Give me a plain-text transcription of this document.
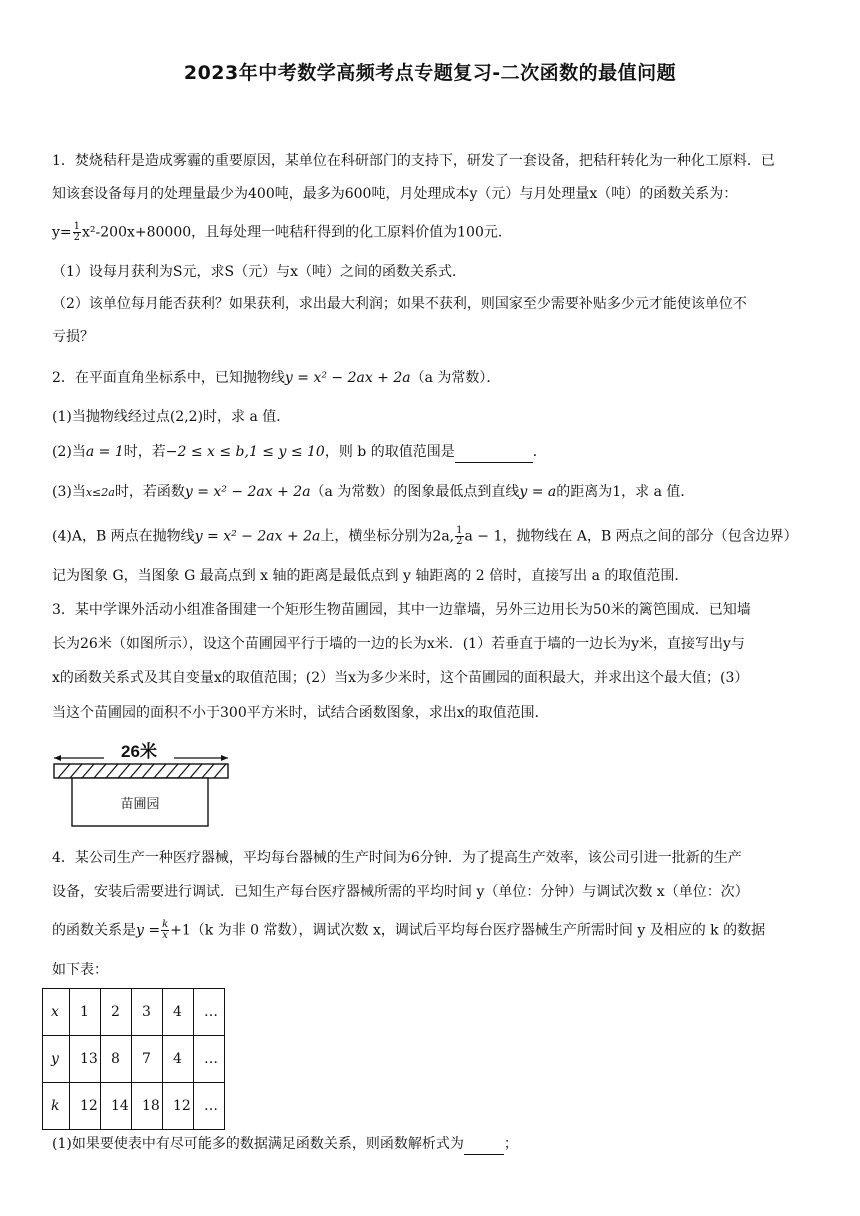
2023年中考数学高频考点专题复习-二次函数的最值问题
1．焚烧秸秆是造成雾霾的重要原因，某单位在科研部门的支持下，研发了一套设备，把秸秆转化为一种化工原料．已
知该套设备每月的处理量最少为400吨，最多为600吨，月处理成本y（元）与月处理量x（吨）的函数关系为：
$y= \frac{1}{2} x^2-200x+80000$，且每处理一吨秸秆得到的化工原料价值为100元．
（1）设每月获利为S元，求S（元）与x（吨）之间的函数关系式．
（2）该单位每月能否获利？如果获利，求出最大利润；如果不获利，则国家至少需要补贴多少元才能使该单位不
亏损？
2．在平面直角坐标系中，已知抛物线y = x² − 2ax + 2a（a 为常数）．
(1)当抛物线经过点(2,2)时，求 a 值．
(2)当a = 1时，若−2 ≤ x ≤ b,1 ≤ y ≤ 10，则 b 的取值范围是	．
(3)当x≤2a时，若函数y = x² − 2ax + 2a（a 为常数）的图象最低点到直线y = a的距离为1，求 a 值．
(4)A，B 两点在抛物线y = x² − 2ax + 2a上，横坐标分别为2a, $\frac{1}{2}$ a − 1，抛物线在 A，B 两点之间的部分（包含边界）
记为图象 G，当图象 G 最高点到 x 轴的距离是最低点到 y 轴距离的 2 倍时，直接写出 a 的取值范围．
3．某中学课外活动小组准备围建一个矩形生物苗圃园，其中一边靠墙，另外三边用长为50米的篱笆围成．已知墙
长为26米（如图所示），设这个苗圃园平行于墙的一边的长为x米．(1）若垂直于墙的一边长为y米，直接写出y与
x的函数关系式及其自变量x的取值范围；(2）当x为多少米时，这个苗圃园的面积最大，并求出这个最大值；(3）
当这个苗圃园的面积不小于300平方米时，试结合函数图象，求出x的取值范围．
26米
苗圃园
4．某公司生产一种医疗器械，平均每台器械的生产时间为6分钟．为了提高生产效率，该公司引进一批新的生产
设备，安装后需要进行调试．已知生产每台医疗器械所需的平均时间 y（单位：分钟）与调试次数 x（单位：次）
的函数关系是$y = \frac{k}{x} +1(k$ 为非 0 常数），调试次数 x，调试后平均每台医疗器械生产所需时间 y 及相应的 k 的数据
如下表：
x	1	2	3	4	…
y	13	8	7	4	…
k	12	14	18	12	…
(1)如果要使表中有尽可能多的数据满足函数关系，则函数解析式为	；
